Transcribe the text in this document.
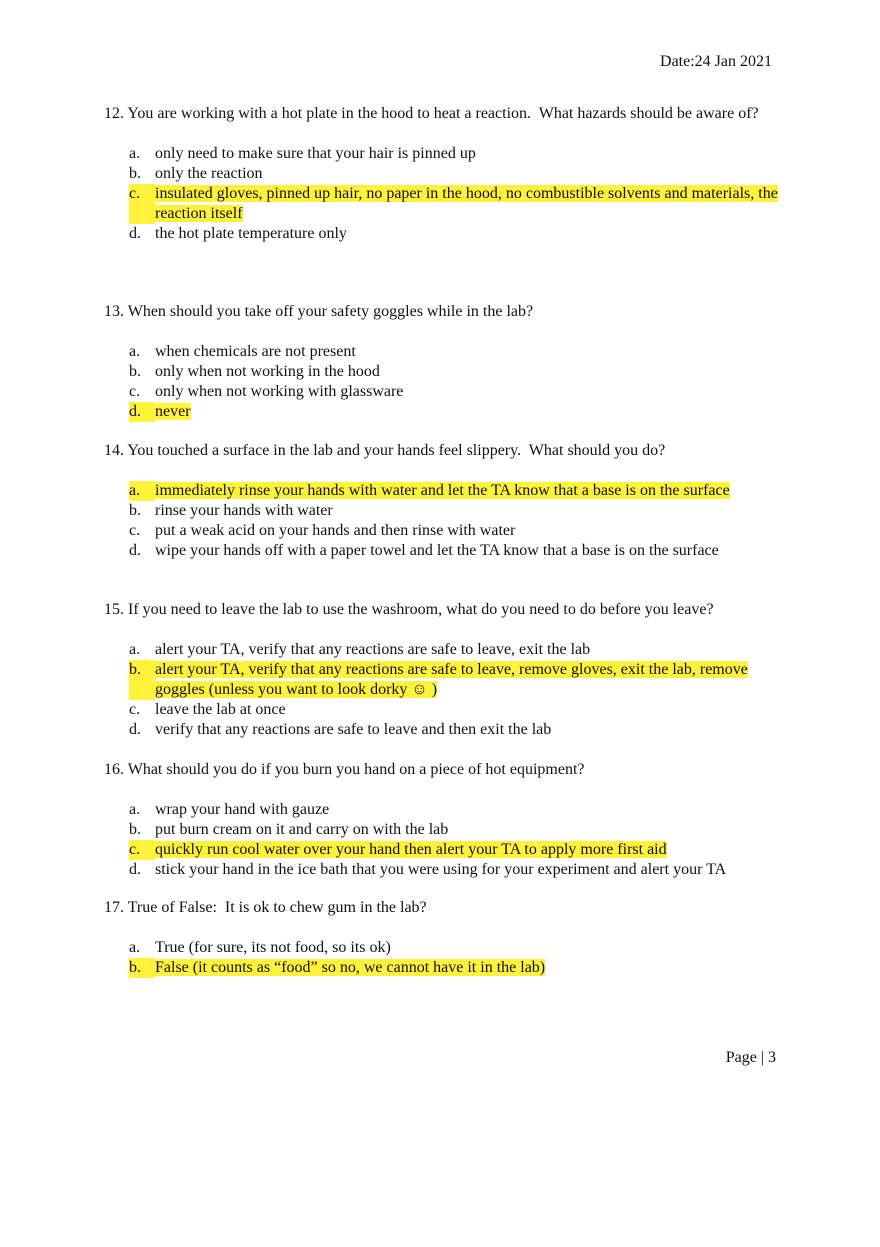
Date:24 Jan 2021
12. You are working with a hot plate in the hood to heat a reaction.  What hazards should be aware of?
a. only need to make sure that your hair is pinned up
b. only the reaction
c. insulated gloves, pinned up hair, no paper in the hood, no combustible solvents and materials, the reaction itself
d. the hot plate temperature only
13. When should you take off your safety goggles while in the lab?
a. when chemicals are not present
b. only when not working in the hood
c. only when not working with glassware
d. never
14. You touched a surface in the lab and your hands feel slippery.  What should you do?
a. immediately rinse your hands with water and let the TA know that a base is on the surface
b. rinse your hands with water
c. put a weak acid on your hands and then rinse with water
d. wipe your hands off with a paper towel and let the TA know that a base is on the surface
15. If you need to leave the lab to use the washroom, what do you need to do before you leave?
a. alert your TA, verify that any reactions are safe to leave, exit the lab
b. alert your TA, verify that any reactions are safe to leave, remove gloves, exit the lab, remove goggles (unless you want to look dorky ☺ )
c. leave the lab at once
d. verify that any reactions are safe to leave and then exit the lab
16. What should you do if you burn you hand on a piece of hot equipment?
a. wrap your hand with gauze
b. put burn cream on it and carry on with the lab
c. quickly run cool water over your hand then alert your TA to apply more first aid
d. stick your hand in the ice bath that you were using for your experiment and alert your TA
17. True of False:  It is ok to chew gum in the lab?
a. True (for sure, its not food, so its ok)
b. False (it counts as “food” so no, we cannot have it in the lab)
Page | 3
